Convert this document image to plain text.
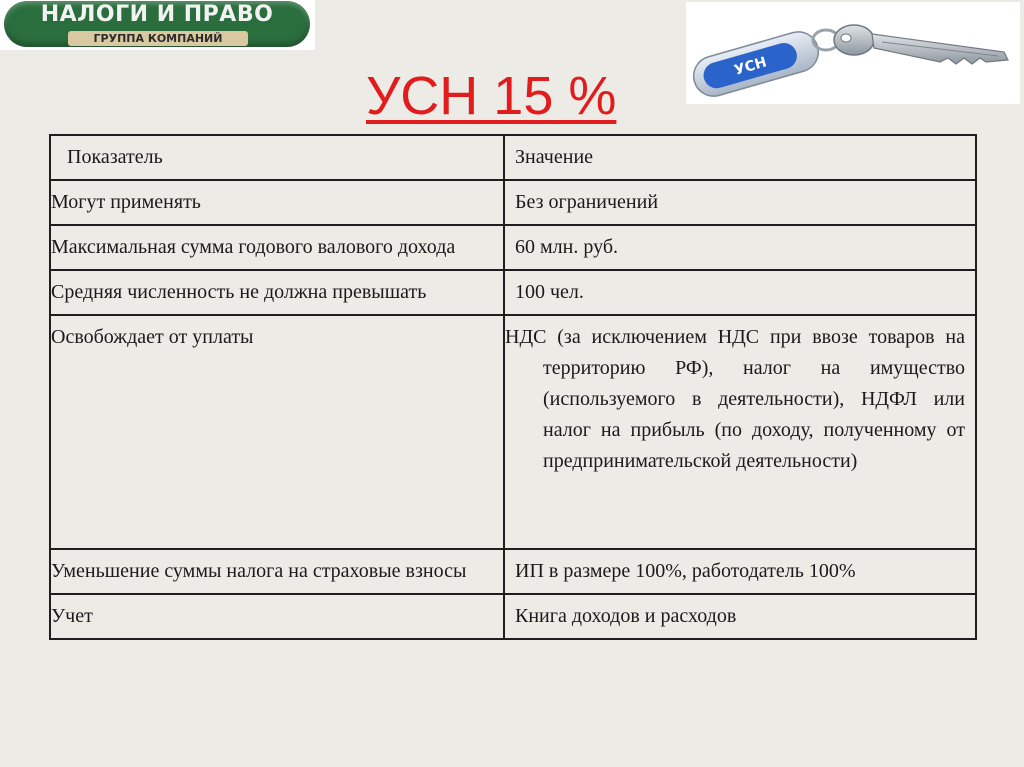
НАЛОГИ И ПРАВО
ГРУППА КОМПАНИЙ
УСН
УСН 15 %
Показатель	Значение
Могут применять	Без ограничений
Максимальная сумма годового валового дохода	60 млн. руб.
Средняя численность не должна превышать	100 чел.
Освобождает от уплаты	НДС (за исключением НДС при ввозе товаров на территорию РФ), налог на имущество (используемого в деятельности), НДФЛ или налог на прибыль (по доходу, полученному от предпринимательской деятельности)
Уменьшение суммы налога на страховые взносы	ИП в размере 100%, работодатель 100%
Учет	Книга доходов и расходов
